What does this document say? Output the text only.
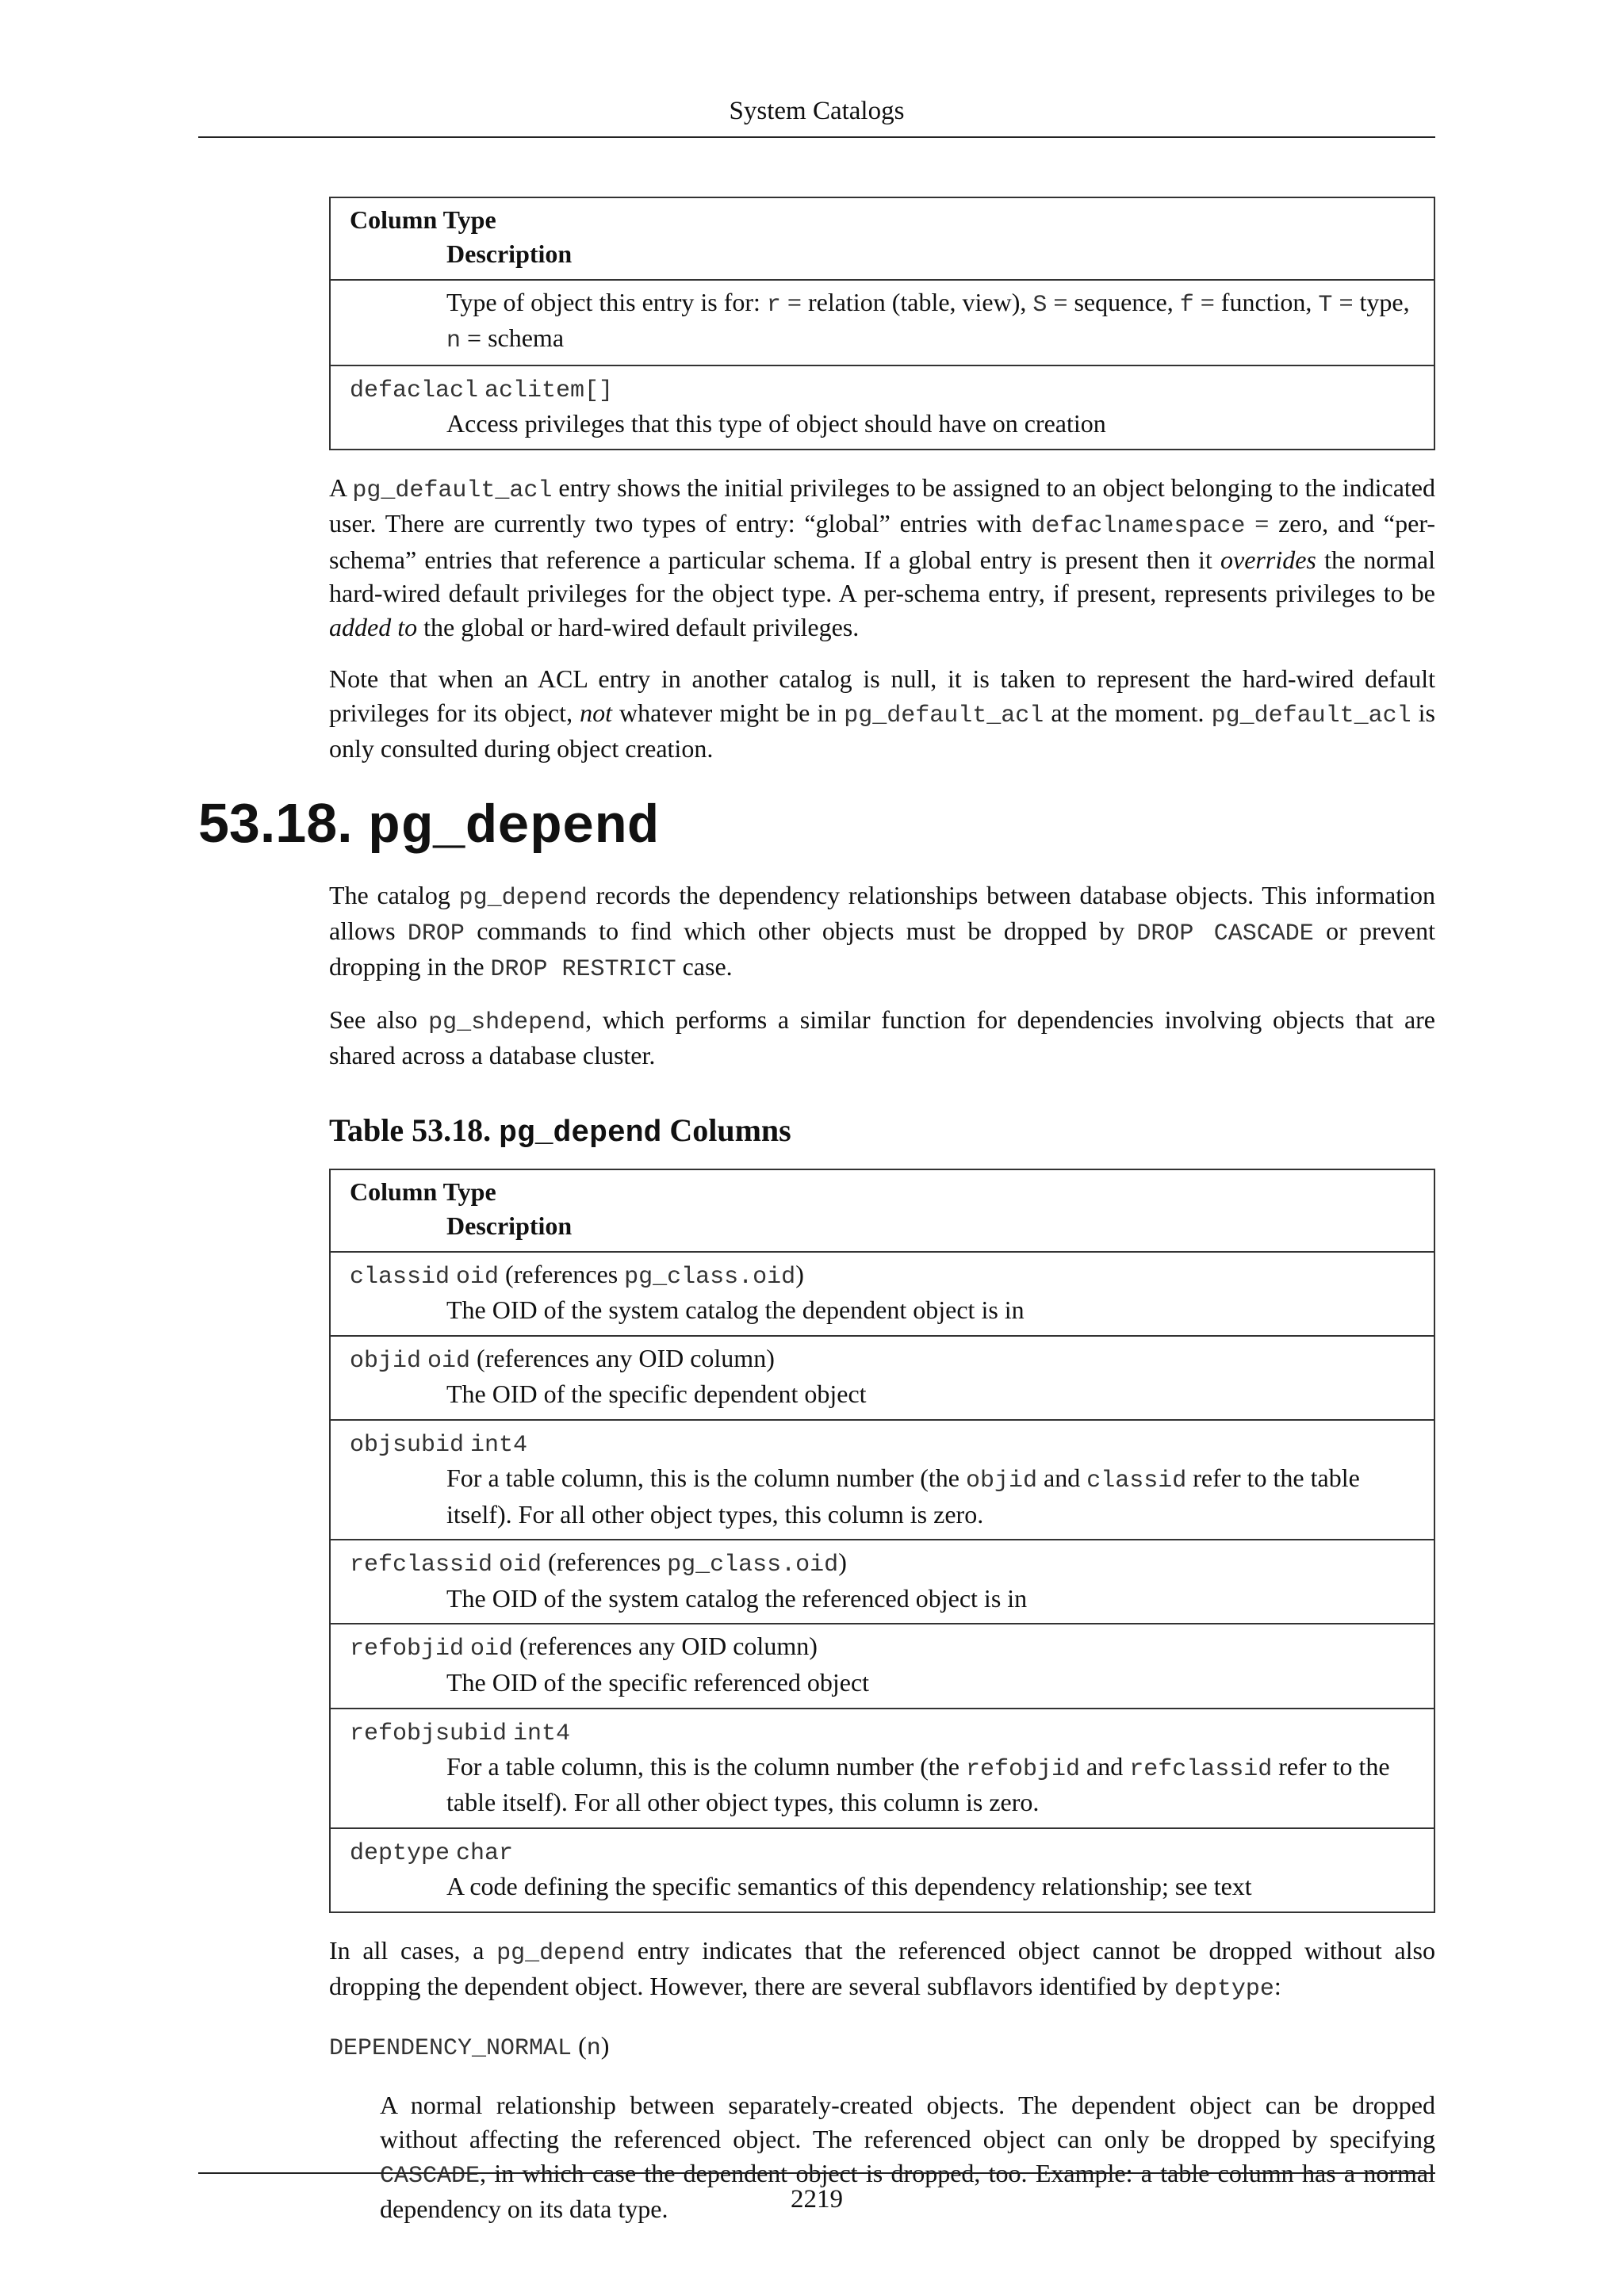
System Catalogs
Column Type
Description

Type of object this entry is for: r = relation (table, view), S = sequence, f = function, T = type, n = schema

defaclacl aclitem[]
Access privileges that this type of object should have on creation

A pg_default_acl entry shows the initial privileges to be assigned to an object belonging to the indicated user. There are currently two types of entry: “global” entries with defaclnamespace = zero, and “per-schema” entries that reference a particular schema. If a global entry is present then it overrides the normal hard-wired default privileges for the object type. A per-schema entry, if present, represents privileges to be added to the global or hard-wired default privileges.

Note that when an ACL entry in another catalog is null, it is taken to represent the hard-wired default privileges for its object, not whatever might be in pg_default_acl at the moment. pg_default_acl is only consulted during object creation.

53.18. pg_depend

The catalog pg_depend records the dependency relationships between database objects. This information allows DROP commands to find which other objects must be dropped by DROP CASCADE or prevent dropping in the DROP RESTRICT case.

See also pg_shdepend, which performs a similar function for dependencies involving objects that are shared across a database cluster.

Table 53.18. pg_depend Columns
Column Type
Description

classid oid (references pg_class.oid)
The OID of the system catalog the dependent object is in

objid oid (references any OID column)
The OID of the specific dependent object

objsubid int4
For a table column, this is the column number (the objid and classid refer to the table itself). For all other object types, this column is zero.

refclassid oid (references pg_class.oid)
The OID of the system catalog the referenced object is in

refobjid oid (references any OID column)
The OID of the specific referenced object

refobjsubid int4
For a table column, this is the column number (the refobjid and refclassid refer to the table itself). For all other object types, this column is zero.

deptype char
A code defining the specific semantics of this dependency relationship; see text

In all cases, a pg_depend entry indicates that the referenced object cannot be dropped without also dropping the dependent object. However, there are several subflavors identified by deptype:

DEPENDENCY_NORMAL (n)

A normal relationship between separately-created objects. The dependent object can be dropped without affecting the referenced object. The referenced object can only be dropped by specifying CASCADE, in which case the dependent object is dropped, too. Example: a table column has a normal dependency on its data type.	2219
